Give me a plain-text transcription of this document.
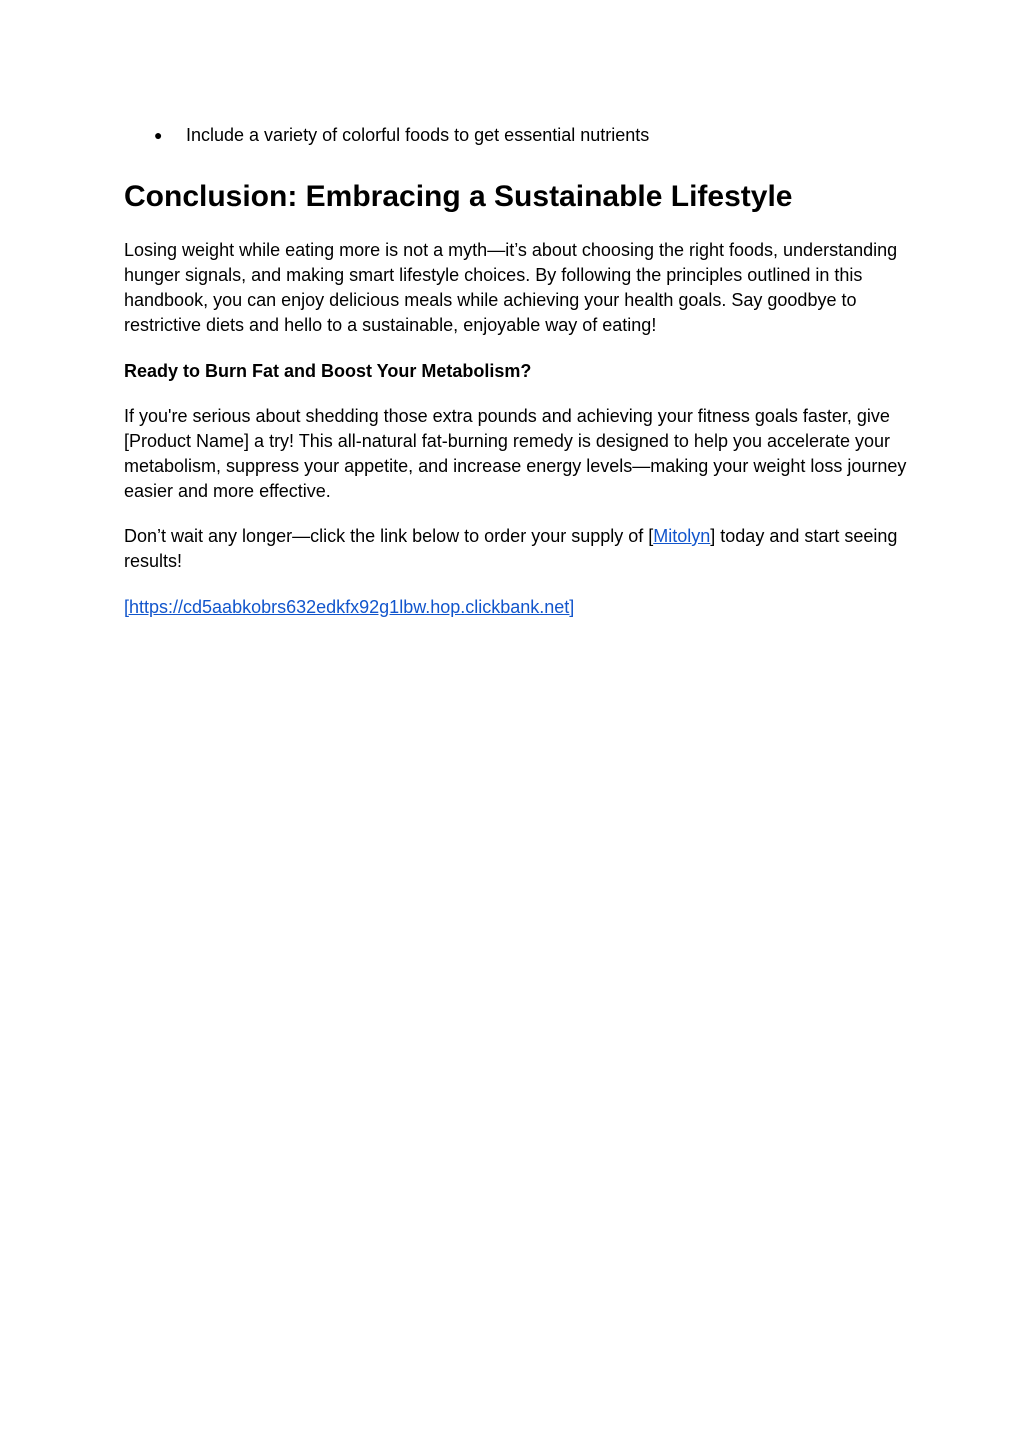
● Include a variety of colorful foods to get essential nutrients
Conclusion: Embracing a Sustainable Lifestyle

Losing weight while eating more is not a myth—it’s about choosing the right foods, understanding hunger signals, and making smart lifestyle choices. By following the principles outlined in this handbook, you can enjoy delicious meals while achieving your health goals. Say goodbye to restrictive diets and hello to a sustainable, enjoyable way of eating!

Ready to Burn Fat and Boost Your Metabolism?

If you're serious about shedding those extra pounds and achieving your fitness goals faster, give [Product Name] a try! This all-natural fat-burning remedy is designed to help you accelerate your metabolism, suppress your appetite, and increase energy levels—making your weight loss journey easier and more effective.

Don’t wait any longer—click the link below to order your supply of [Mitolyn] today and start seeing results!

[https://cd5aabkobrs632edkfx92g1lbw.hop.clickbank.net]
